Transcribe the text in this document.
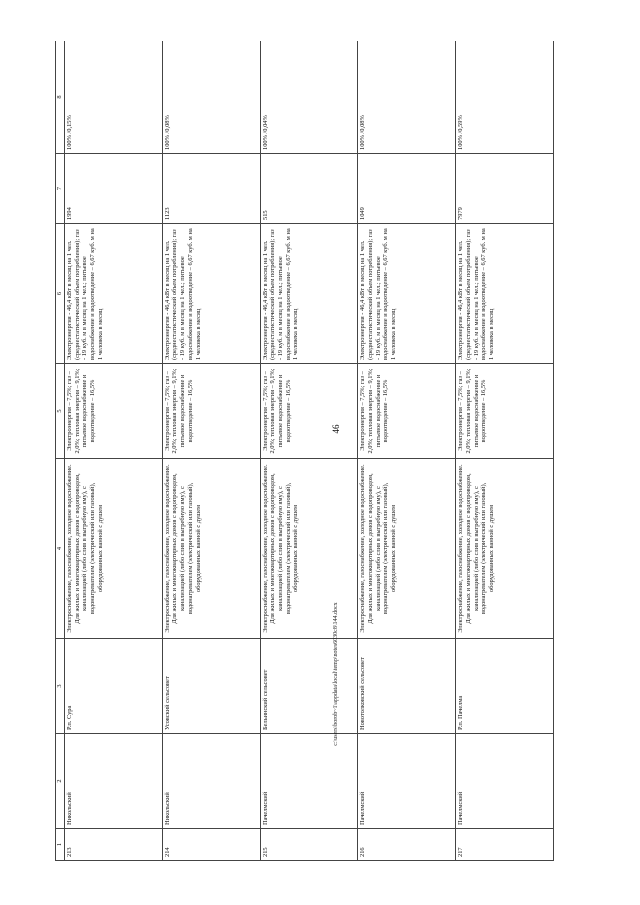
46
1	2	3	4	5	6	7	8
213	Никольский	Р.п. Сура	Электроснабжение, газоснабжение, холодное водоснабжение. Для жилых и многоквартирных домов с водопроводом, канализацией (либо слив в выгребную яму), с водонагревателем (электрический или газовый), оборудованных ванной с душем	Электроэнергия – 7,5%; газ – 2,0%; тепловая энергия – 9,1%; питьевое водоснабжение и водоотведение – 16,5%	Электроэнергия - 46,4 кВт в месяц на 1 чел. (среднестатистический объем потребления); газ - 19 куб. м в месяц на 1 чел.; питьевое водоснабжение и водоотведение – 6,67 куб. м на 1 человека в месяц	1994	100% /0,15%
214	Никольский	Усовский сельсовет	Электроснабжение, газоснабжение, холодное водоснабжение. Для жилых и многоквартирных домов с водопроводом, канализацией (либо слив в выгребную яму), с водонагревателем (электрический или газовый), оборудованных ванной с душем	Электроэнергия – 7,5%; газ – 2,0%; тепловая энергия – 9,1%; питьевое водоснабжение и водоотведение – 16,5%	Электроэнергия - 46,4 кВт в месяц на 1 чел. (среднестатистический объем потребления); газ - 19 куб. м в месяц на 1 чел.; питьевое водоснабжение и водоотведение – 6,67 куб. м на 1 человека в месяц	1123	100% /0,08%
215	Пачелмский	Бельинский сельсовет	Электроснабжение, газоснабжение, холодное водоснабжение. Для жилых и многоквартирных домов с водопроводом, канализацией (либо слив в выгребную яму), с водонагревателем (электрический или газовый), оборудованных ванной с душем	Электроэнергия – 7,5%; газ – 2,0%; тепловая энергия – 9,1%; питьевое водоснабжение и водоотведение – 16,5%	Электроэнергия - 46,4 кВт в месяц на 1 чел. (среднестатистический объем потребления); газ - 19 куб. м в месяц на 1 чел.; питьевое водоснабжение и водоотведение – 6,67 куб. м на 1 человека в месяц	515	100% /0,04%
216	Пачелмский	Новотолковский сельсовет	Электроснабжение, газоснабжение, холодное водоснабжение. Для жилых и многоквартирных домов с водопроводом, канализацией (либо слив в выгребную яму), с водонагревателем (электрический или газовый), оборудованных ванной с душем	Электроэнергия – 7,5%; газ – 2,0%; тепловая энергия – 9,1%; питьевое водоснабжение и водоотведение – 16,5%	Электроэнергия - 46,4 кВт в месяц на 1 чел. (среднестатистический объем потребления); газ - 19 куб. м в месяц на 1 чел.; питьевое водоснабжение и водоотведение – 6,67 куб. м на 1 человека в месяц	1049	100% /0,08%
217	Пачелмский	Р.п. Пачелма	Электроснабжение, газоснабжение, холодное водоснабжение. Для жилых и многоквартирных домов с водопроводом, канализацией (либо слив в выгребную яму), с водонагревателем (электрический или газовый), оборудованных ванной с душем	Электроэнергия – 7,5%; газ – 2,0%; тепловая энергия – 9,1%; питьевое водоснабжение и водоотведение – 16,5%	Электроэнергия - 46,4 кВт в месяц на 1 чел. (среднестатистический объем потребления); газ - 19 куб. м в месяц на 1 чел.; питьевое водоснабжение и водоотведение – 6,67 куб. м на 1 человека в месяц	7979	100% /0,59%
c:\users\borob~1\appdata\local\temp\notes6030c8\144.docx
